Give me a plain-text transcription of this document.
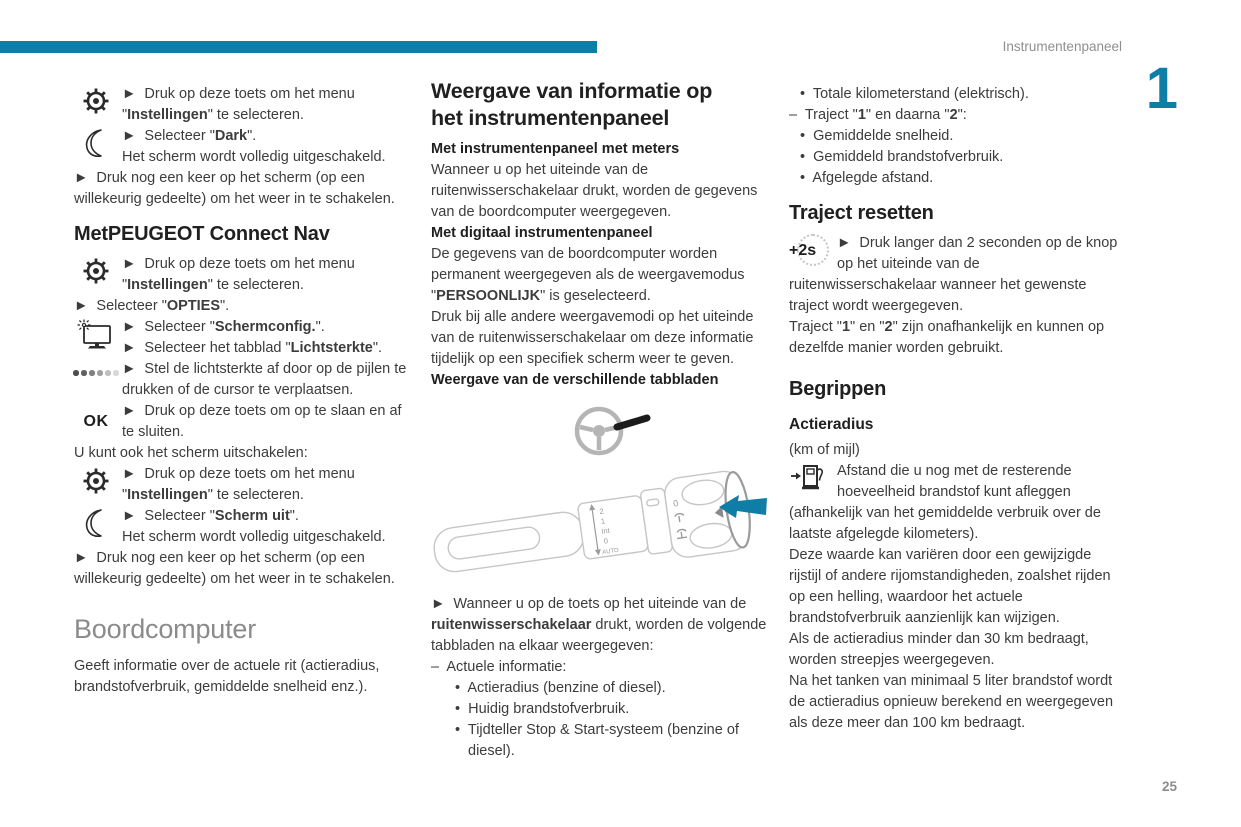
Instrumentenpaneel
1
25

►  Druk op deze toets om het menu "Instellingen" te selecteren.

►  Selecteer "Dark".
Het scherm wordt volledig uitgeschakeld.

►  Druk nog een keer op het scherm (op een willekeurig gedeelte) om het weer in te schakelen.

MetPEUGEOT Connect Nav

►  Druk op deze toets om het menu "Instellingen" te selecteren.

►  Selecteer "OPTIES".

►  Selecteer "Schermconfig.".
►  Selecteer het tabblad "Lichtsterkte".

►  Stel de lichtsterkte af door op de pijlen te drukken of de cursor te verplaatsen.

OK

►  Druk op deze toets om op te slaan en af te sluiten.

U kunt ook het scherm uitschakelen:

►  Druk op deze toets om het menu "Instellingen" te selecteren.

►  Selecteer "Scherm uit".
Het scherm wordt volledig uitgeschakeld.

►  Druk nog een keer op het scherm (op een willekeurig gedeelte) om het weer in te schakelen.

Boordcomputer

Geeft informatie over de actuele rit (actieradius, brandstofverbruik, gemiddelde snelheid enz.).

Weergave van informatie op het instrumentenpaneel

Met instrumentenpaneel met meters

Wanneer u op het uiteinde van de ruitenwisserschakelaar drukt, worden de gegevens van de boordcomputer weergegeven.

Met digitaal instrumentenpaneel

De gegevens van de boordcomputer worden permanent weergegeven als de weergavemodus "PERSOONLIJK" is geselecteerd.

Druk bij alle andere weergavemodi op het uiteinde van de ruitenwisserschakelaar om deze informatie tijdelijk op een specifiek scherm weer te geven.

Weergave van de verschillende tabbladen

2
1
Int
0
AUTO
0

►  Wanneer u op de toets op het uiteinde van de ruitenwisserschakelaar drukt, worden de volgende tabbladen na elkaar weergegeven:

–  Actuele informatie:

•  Actieradius (benzine of diesel).

•  Huidig brandstofverbruik.

•  Tijdteller Stop & Start-systeem (benzine of diesel).

•  Totale kilometerstand (elektrisch).

–  Traject "1" en daarna "2":

•  Gemiddelde snelheid.

•  Gemiddeld brandstofverbruik.

•  Afgelegde afstand.

Traject resetten
+2s	►  Druk langer dan 2 seconden op de knop op het uiteinde van de ruitenwisserschakelaar wanneer het gewenste traject wordt weergegeven.

Traject "1" en "2" zijn onafhankelijk en kunnen op dezelfde manier worden gebruikt.

Begrippen
Actieradius

(km of mijl)

Afstand die u nog met de resterende hoeveelheid brandstof kunt afleggen (afhankelijk van het gemiddelde verbruik over de laatste afgelegde kilometers).

Deze waarde kan variëren door een gewijzigde rijstijl of andere rijomstandigheden, zoalshet rijden op een helling, waardoor het actuele brandstofverbruik aanzienlijk kan wijzigen.

Als de actieradius minder dan 30 km bedraagt, worden streepjes weergegeven.

Na het tanken van minimaal 5 liter brandstof wordt de actieradius opnieuw berekend en weergegeven als deze meer dan 100 km bedraagt.
